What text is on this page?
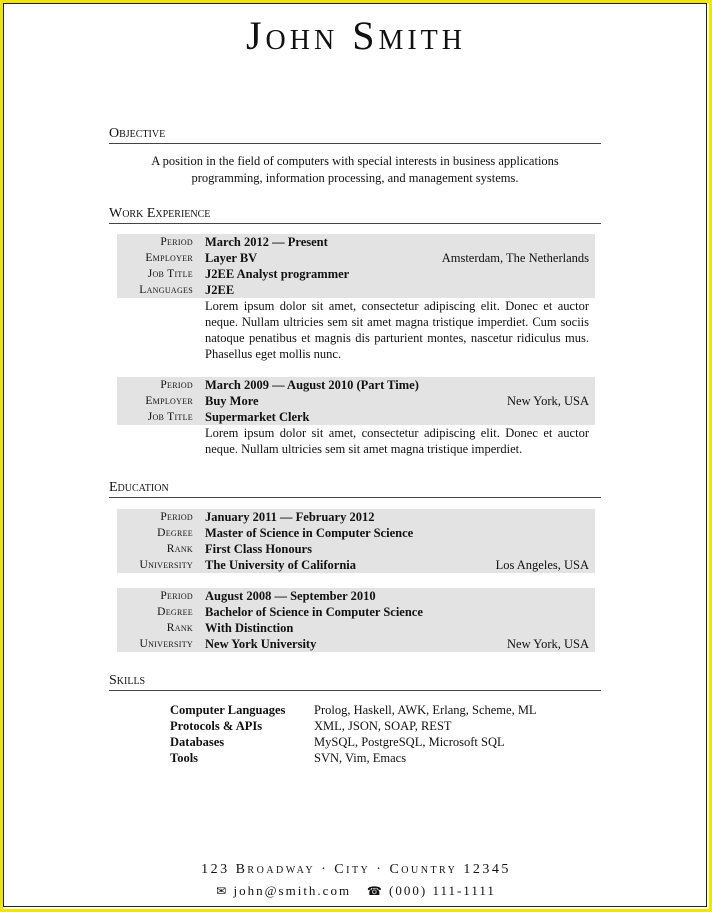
John Smith
Objective
A position in the field of computers with special interests in business applications
programming, information processing, and management systems.
Work Experience
Period March 2012 — Present
Employer Layer BV	Amsterdam, The Netherlands
Job Title J2EE Analyst programmer
Languages J2EE
Lorem ipsum dolor sit amet, consectetur adipiscing elit. Donec et auctor neque. Nullam ultricies sem sit amet magna tristique imperdiet. Cum sociis natoque penatibus et magnis dis parturient montes, nascetur ridiculus mus. Phasellus eget mollis nunc.
Period March 2009 — August 2010 (Part Time)
Employer Buy More	New York, USA
Job Title Supermarket Clerk
Lorem ipsum dolor sit amet, consectetur adipiscing elit. Donec et auctor neque. Nullam ultricies sem sit amet magna tristique imperdiet.
Education
Period January 2011 — February 2012
Degree Master of Science in Computer Science
Rank First Class Honours
University The University of California	Los Angeles, USA
Period August 2008 — September 2010
Degree Bachelor of Science in Computer Science
Rank With Distinction
University New York University	New York, USA
Skills
Computer Languages	Prolog, Haskell, AWK, Erlang, Scheme, ML
Protocols & APIs	XML, JSON, SOAP, REST
Databases	MySQL, PostgreSQL, Microsoft SQL
Tools	SVN, Vim, Emacs
123 Broadway · City · Country 12345
✉ john@smith.com ☎ (000) 111-1111
